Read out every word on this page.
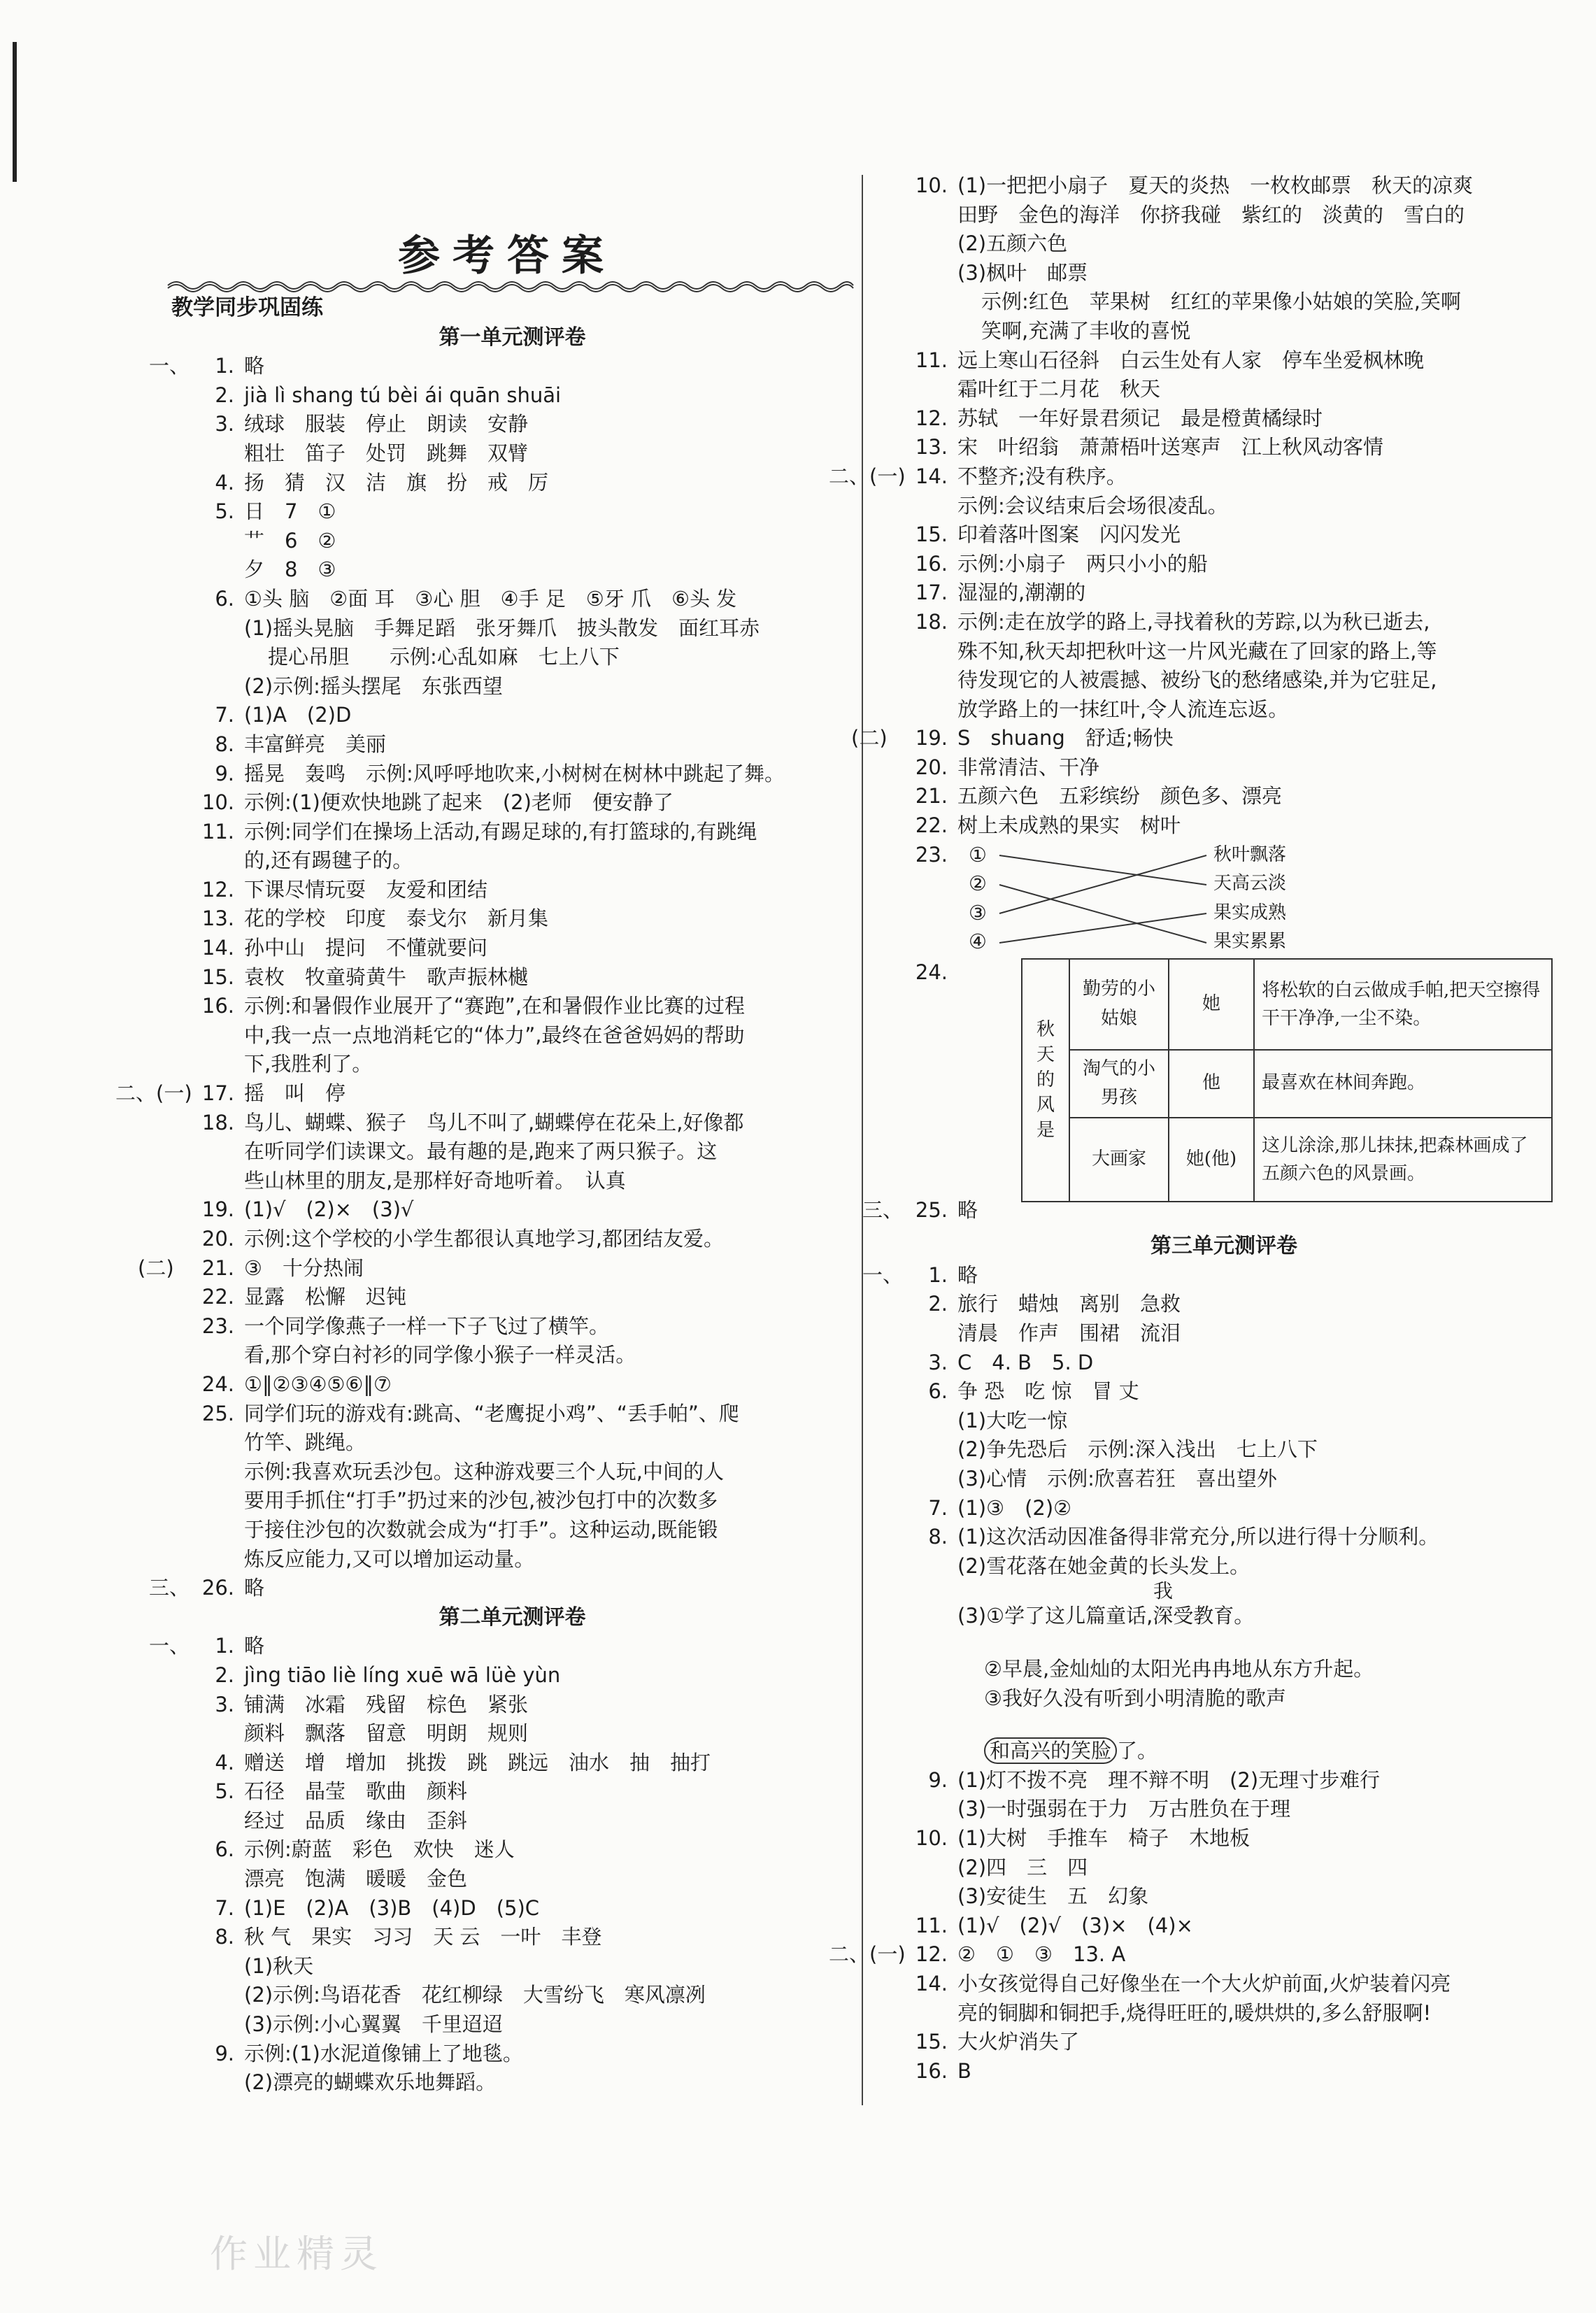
参考答案
教学同步巩固练
第一单元测评卷
一、 1. 略
2. jià lì shang tú bèi ái quān shuāi
3. 绒球　服装　停止　朗读　安静
粗壮　笛子　处罚　跳舞　双臂
4. 扬　猜　汉　洁　旗　扮　戒　厉
5. 日　7　①
艹　6　②
夕　8　③
6. ①头 脑　②面 耳　③心 胆　④手 足　⑤牙 爪　⑥头 发
(1)摇头晃脑　手舞足蹈　张牙舞爪　披头散发　面红耳赤
提心吊胆　　示例:心乱如麻　七上八下
(2)示例:摇头摆尾　东张西望
7. (1)A　(2)D
8. 丰富鲜亮　美丽
9. 摇晃　轰鸣　示例:风呼呼地吹来,小树树在树林中跳起了舞。
10. 示例:(1)便欢快地跳了起来　(2)老师　便安静了
11. 示例:同学们在操场上活动,有踢足球的,有打篮球的,有跳绳
的,还有踢毽子的。
12. 下课尽情玩耍　友爱和团结
13. 花的学校　印度　泰戈尔　新月集
14. 孙中山　提问　不懂就要问
15. 袁枚　牧童骑黄牛　歌声振林樾
16. 示例:和暑假作业展开了“赛跑”,在和暑假作业比赛的过程
中,我一点一点地消耗它的“体力”,最终在爸爸妈妈的帮助
下,我胜利了。
二、(一) 17. 摇　叫　停
18. 鸟儿、蝴蝶、猴子　鸟儿不叫了,蝴蝶停在花朵上,好像都
在听同学们读课文。最有趣的是,跑来了两只猴子。这
些山林里的朋友,是那样好奇地听着。　认真
19. (1)√　(2)×　(3)√
20. 示例:这个学校的小学生都很认真地学习,都团结友爱。
(二) 21. ③　十分热闹
22. 显露　松懈　迟钝
23. 一个同学像燕子一样一下子飞过了横竿。
看,那个穿白衬衫的同学像小猴子一样灵活。
24. ①‖②③④⑤⑥‖⑦
25. 同学们玩的游戏有:跳高、“老鹰捉小鸡”、“丢手帕”、爬
竹竿、跳绳。
示例:我喜欢玩丢沙包。这种游戏要三个人玩,中间的人
要用手抓住“打手”扔过来的沙包,被沙包打中的次数多
于接住沙包的次数就会成为“打手”。这种运动,既能锻
炼反应能力,又可以增加运动量。
三、 26. 略
第二单元测评卷
一、 1. 略
2. jìng tiāo liè líng xuē wā lüè yùn
3. 铺满　冰霜　残留　棕色　紧张
颜料　飘落　留意　明朗　规则
4. 赠送　增　增加　挑拨　跳　跳远　油水　抽　抽打
5. 石径　晶莹　歌曲　颜料
经过　品质　缘由　歪斜
6. 示例:蔚蓝　彩色　欢快　迷人
漂亮　饱满　暖暖　金色
7. (1)E　(2)A　(3)B　(4)D　(5)C
8. 秋 气　果实　习习　天 云　一叶　丰登
(1)秋天
(2)示例:鸟语花香　花红柳绿　大雪纷飞　寒风凛冽
(3)示例:小心翼翼　千里迢迢
9. 示例:(1)水泥道像铺上了地毯。
(2)漂亮的蝴蝶欢乐地舞蹈。
10. (1)一把把小扇子　夏天的炎热　一枚枚邮票　秋天的凉爽
田野　金色的海洋　你挤我碰　紫红的　淡黄的　雪白的
(2)五颜六色
(3)枫叶　邮票
示例:红色　苹果树　红红的苹果像小姑娘的笑脸,笑啊
笑啊,充满了丰收的喜悦
11. 远上寒山石径斜　白云生处有人家　停车坐爱枫林晚
霜叶红于二月花　秋天
12. 苏轼　一年好景君须记　最是橙黄橘绿时
13. 宋　叶绍翁　萧萧梧叶送寒声　江上秋风动客情
二、(一) 14. 不整齐;没有秩序。
示例:会议结束后会场很凌乱。
15. 印着落叶图案　闪闪发光
16. 示例:小扇子　两只小小的船
17. 湿湿的,潮潮的
18. 示例:走在放学的路上,寻找着秋的芳踪,以为秋已逝去,
殊不知,秋天却把秋叶这一片风光藏在了回家的路上,等
待发现它的人被震撼、被纷飞的愁绪感染,并为它驻足,
放学路上的一抹红叶,令人流连忘返。
(二) 19. S　shuang　舒适;畅快
20. 非常清洁、干净
21. 五颜六色　五彩缤纷　颜色多、漂亮
22. 树上未成熟的果实　树叶
23. ①
②
③
④
秋叶飘落
天高云淡
果实成熟
果实累累
24.
秋天的风是	勤劳的小姑娘	她	将松软的白云做成手帕,把天空擦得干干净净,一尘不染。
	淘气的小男孩	他	最喜欢在林间奔跑。
	大画家	她(他)	这儿涂涂,那儿抹抹,把森林画成了五颜六色的风景画。
三、 25. 略
第三单元测评卷
一、 1. 略
2. 旅行　蜡烛　离别　急救
清晨　作声　围裙　流泪
3. C　4. B　5. D
6. 争 恐　吃 惊　冒 丈
(1)大吃一惊
(2)争先恐后　示例:深入浅出　七上八下
(3)心情　示例:欣喜若狂　喜出望外
7. (1)③　(2)②
8. (1)这次活动因准备得非常充分,所以进行得十分顺利。
(2)雪花落在她金黄的长头发上。
我
(3)①学了这儿篇童话,深受教育。
②早晨,金灿灿的太阳光冉冉地从东方升起。
③我好久没有听到小明清脆的歌声
和高兴的笑脸 了。
9. (1)灯不拨不亮　理不辩不明　(2)无理寸步难行
(3)一时强弱在于力　万古胜负在于理
10. (1)大树　手推车　椅子　木地板
(2)四　三　四
(3)安徒生　五　幻象
11. (1)√　(2)√　(3)×　(4)×
二、(一) 12. ②　①　③　13. A
14. 小女孩觉得自己好像坐在一个大火炉前面,火炉装着闪亮
亮的铜脚和铜把手,烧得旺旺的,暖烘烘的,多么舒服啊!
15. 大火炉消失了
16. B
作业精灵
